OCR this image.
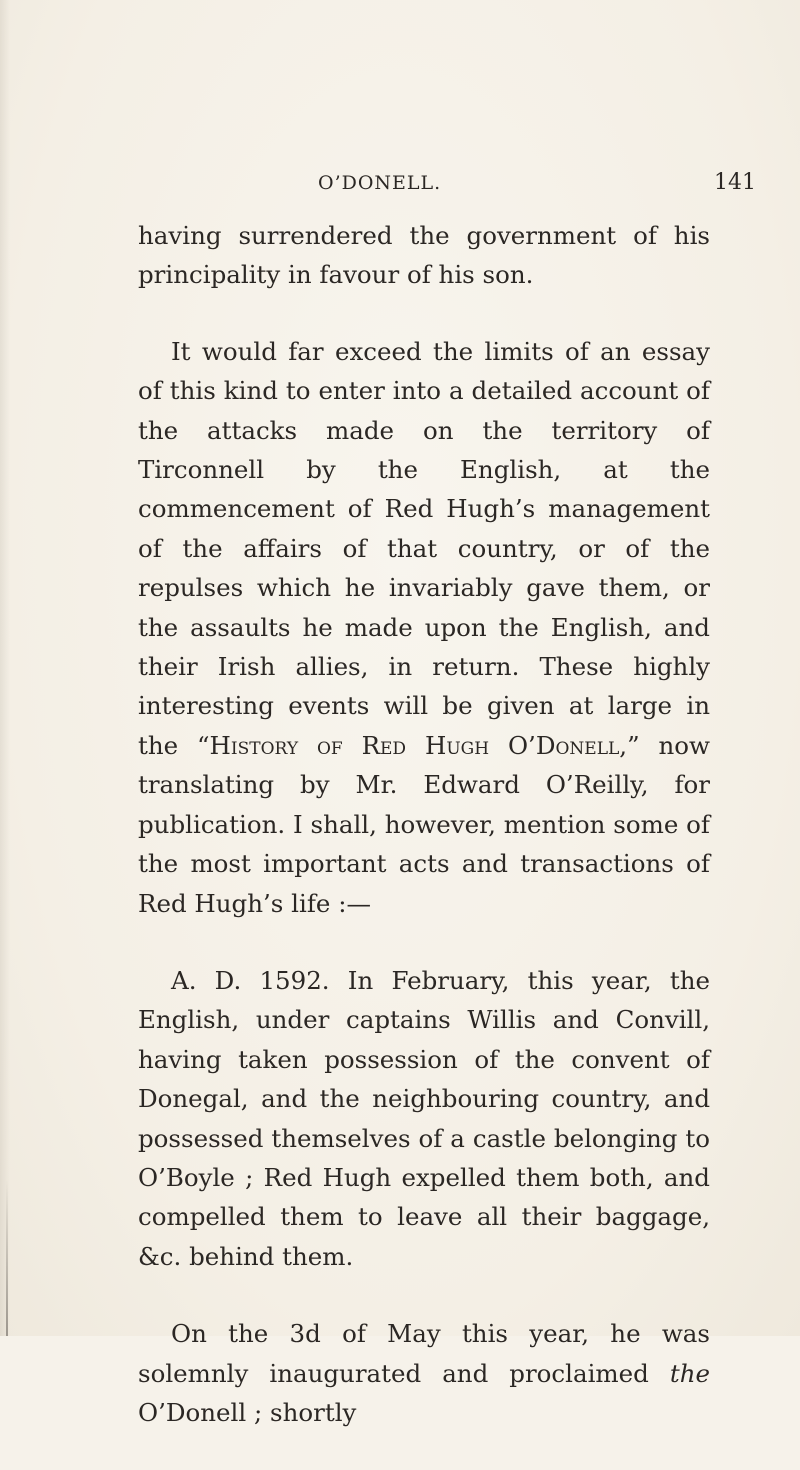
O’DONELL.	141

having surrendered the government of his principality in favour of his son.

It would far exceed the limits of an essay of this kind to enter into a detailed account of the attacks made on the territory of Tirconnell by the English, at the commencement of Red Hugh’s management of the affairs of that country, or of the repulses which he invariably gave them, or the assaults he made upon the English, and their Irish allies, in return. These highly interesting events will be given at large in the “History of Red Hugh O’Donell,” now translating by Mr. Edward O’Reilly, for publication. I shall, however, mention some of the most important acts and transactions of Red Hugh’s life :—

A. D. 1592. In February, this year, the English, under captains Willis and Convill, having taken possession of the convent of Donegal, and the neighbouring country, and possessed themselves of a castle belonging to O’Boyle ; Red Hugh expelled them both, and compelled them to leave all their baggage, &c. behind them.

On the 3d of May this year, he was solemnly inaugurated and proclaimed the O’Donell ; shortly
